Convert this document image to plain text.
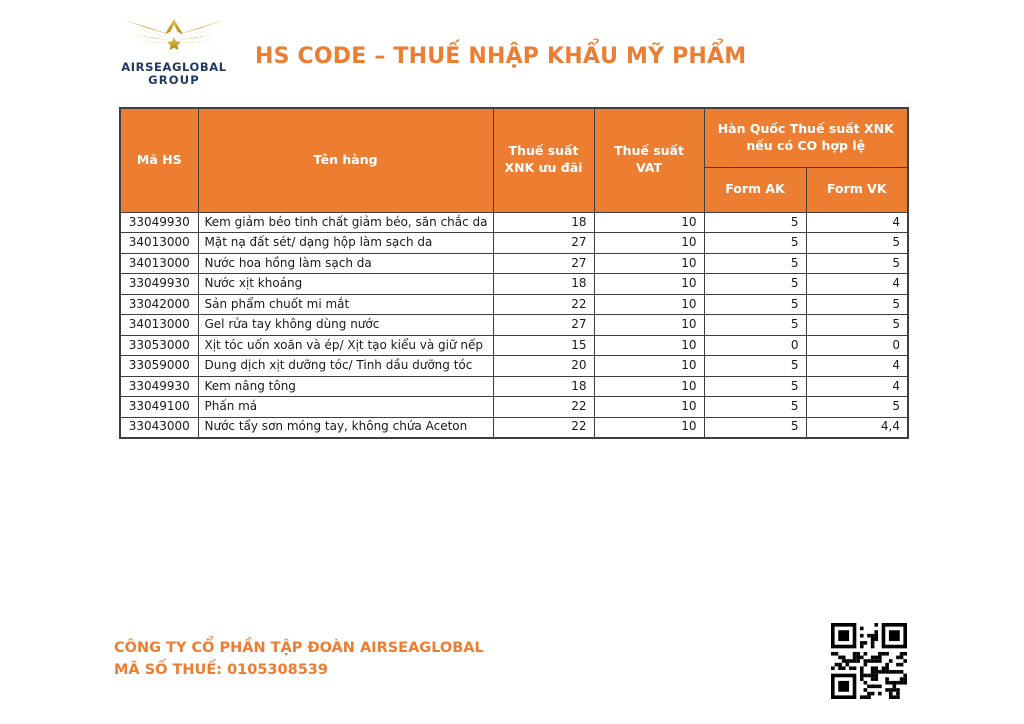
AIRSEAGLOBAL
GROUP
HS CODE – THUẾ NHẬP KHẨU MỸ PHẨM
Mã HS	Tên hàng	Thuế suất XNK ưu đãi	Thuế suất VAT	Hàn Quốc Thuế suất XNK nếu có CO hợp lệ	
				Form AK	Form VK
33049930	Kem giảm béo tinh chất giảm béo, săn chắc da	18	10	5	4
34013000	Mặt nạ đất sét/ dạng hộp làm sạch da	27	10	5	5
34013000	Nước hoa hồng làm sạch da	27	10	5	5
33049930	Nước xịt khoáng	18	10	5	4
33042000	Sản phẩm chuốt mi mắt	22	10	5	5
34013000	Gel rửa tay không dùng nước	27	10	5	5
33053000	Xịt tóc uốn xoăn và ép/ Xịt tạo kiểu và giữ nếp	15	10	0	0
33059000	Dung dịch xịt dưỡng tóc/ Tinh dầu dưỡng tóc	20	10	5	4
33049930	Kem nâng tông	18	10	5	4
33049100	Phấn má	22	10	5	5
33043000	Nước tẩy sơn móng tay, không chứa Aceton	22	10	5	4,4
CÔNG TY CỔ PHẦN TẬP ĐOÀN AIRSEAGLOBAL
MÃ SỐ THUẾ: 0105308539
